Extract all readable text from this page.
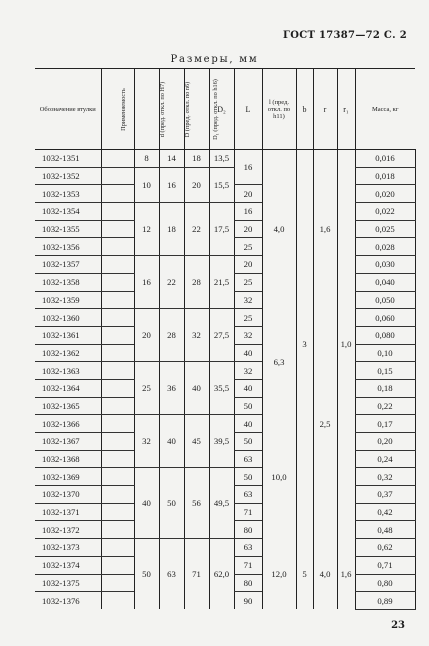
ГОСТ 17387—72 С. 2
Размеры, мм
Обозначение втулки	Применяемость	d (пред. откл. по H7)	D (пред. откл. по n6)	D₁ (пред. откл. по h16)	D₂	L	l (пред. откл. по h11)	b	r	r₁	Масса, кг
1032-1351		8	14	18	13,5	16	4,0	3	1,6	1,0	0,016
1032-1352		10	16	20	15,5						0,018
1032-1353						20					0,020
1032-1354		12	18	22	17,5	16					0,022
1032-1355						20					0,025
1032-1356						25					0,028
1032-1357		16	22	28	21,5	20					0,030
1032-1358						25					0,040
1032-1359						32					0,050
1032-1360		20	28	32	27,5	25	6,3		2,5		0,060
1032-1361						32					0,080
1032-1362						40					0,10
1032-1363		25	36	40	35,5	32					0,15
1032-1364						40					0,18
1032-1365						50					0,22
1032-1366		32	40	45	39,5	40	10,0				0,17
1032-1367						50					0,20
1032-1368						63					0,24
1032-1369		40	50	56	49,5	50					0,32
1032-1370						63					0,37
1032-1371						71					0,42
1032-1372						80					0,48
1032-1373		50	63	71	62,0	63	12,0	5	4,0	1,6	0,62
1032-1374						71					0,71
1032-1375						80					0,80
1032-1376						90					0,89
23
